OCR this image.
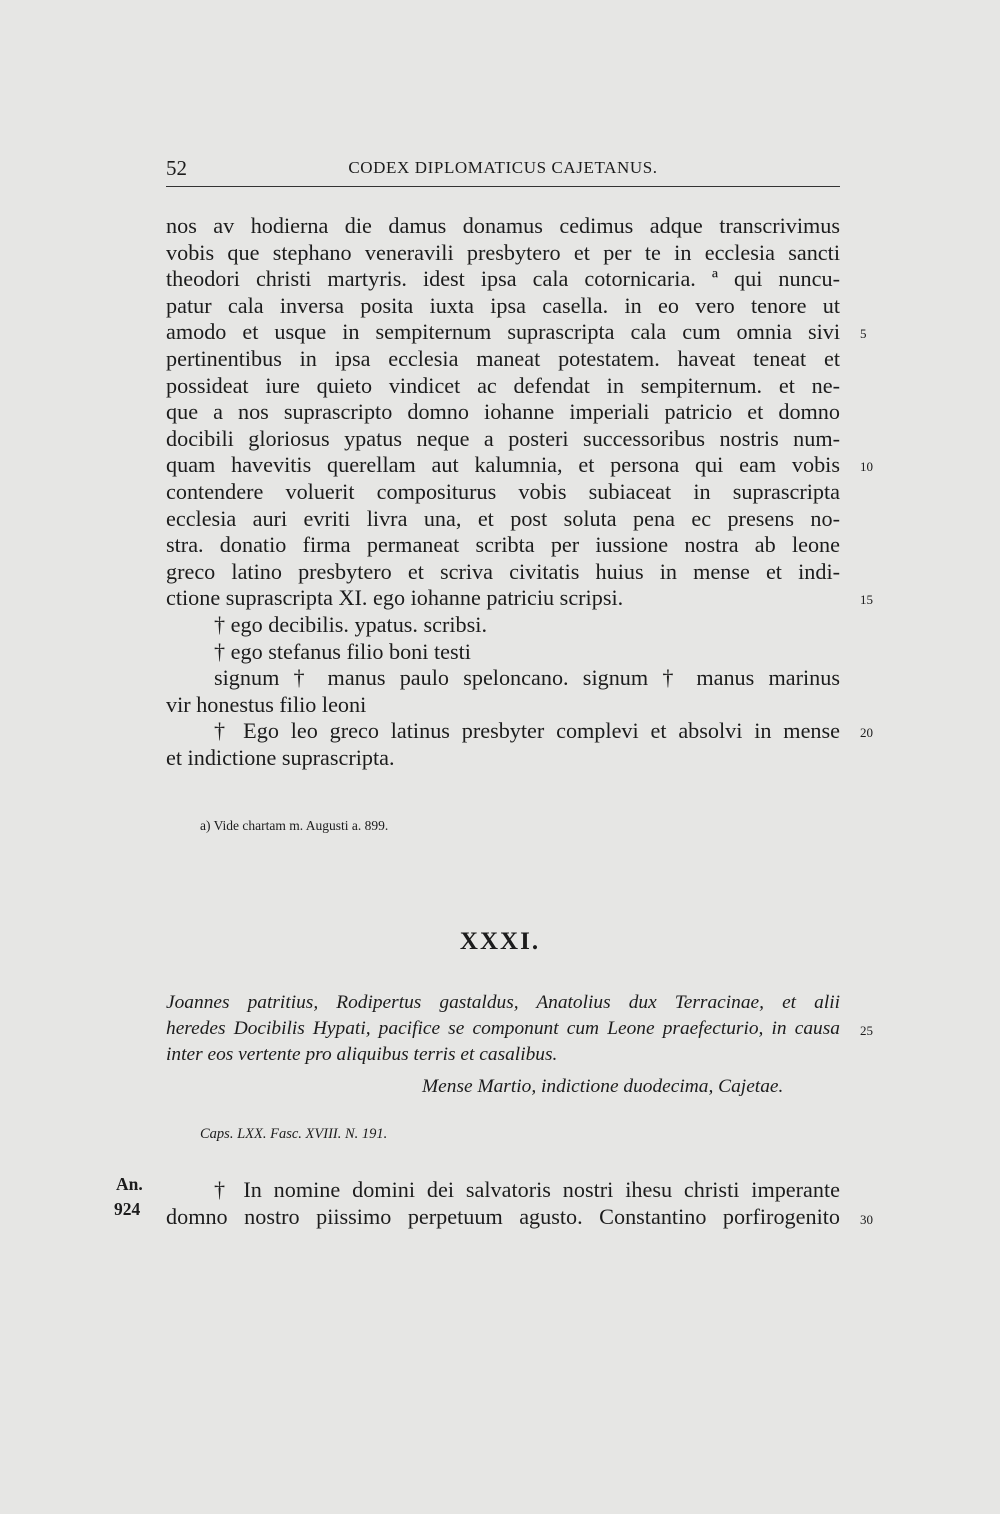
52	CODEX DIPLOMATICUS CAJETANUS.
nos av hodierna die damus donamus cedimus adque transcrivimus
vobis que stephano veneravili presbytero et per te in ecclesia sancti
theodori christi martyris. idest ipsa cala cotornicaria. ª qui nuncu-
patur cala inversa posita iuxta ipsa casella. in eo vero tenore ut
amodo et usque in sempiternum suprascripta cala cum omnia sivi 5
pertinentibus in ipsa ecclesia maneat potestatem. haveat teneat et
possideat iure quieto vindicet ac defendat in sempiternum. et ne-
que a nos suprascripto domno iohanne imperiali patricio et domno
docibili gloriosus ypatus neque a posteri successoribus nostris num-
quam havevitis querellam aut kalumnia, et persona qui eam vobis 10
contendere voluerit compositurus vobis subiaceat in suprascripta
ecclesia auri evriti livra una, et post soluta pena ec presens no-
stra. donatio firma permaneat scribta per iussione nostra ab leone
greco latino presbytero et scriva civitatis huius in mense et indi-
ctione suprascripta XI. ego iohanne patriciu scripsi.	15
† ego decibilis. ypatus. scribsi.
† ego stefanus filio boni testi
signum † manus paulo speloncano. signum † manus marinus
vir honestus filio leoni
† Ego leo greco latinus presbyter complevi et absolvi in mense 20
et indictione suprascripta.
a) Vide chartam m. Augusti a. 899.
XXXI.
Joannes patritius, Rodipertus gastaldus, Anatolius dux Terracinae, et alii
heredes Docibilis Hypati, pacifice se componunt cum Leone praefecturio, in causa 25
inter eos vertente pro aliquibus terris et casalibus.
Mense Martio, indictione duodecima, Cajetae.
Caps. LXX. Fasc. XVIII. N. 191.
An.
924
† In nomine domini dei salvatoris nostri ihesu christi imperante
domno nostro piissimo perpetuum agusto. Constantino porfirogenito 30
